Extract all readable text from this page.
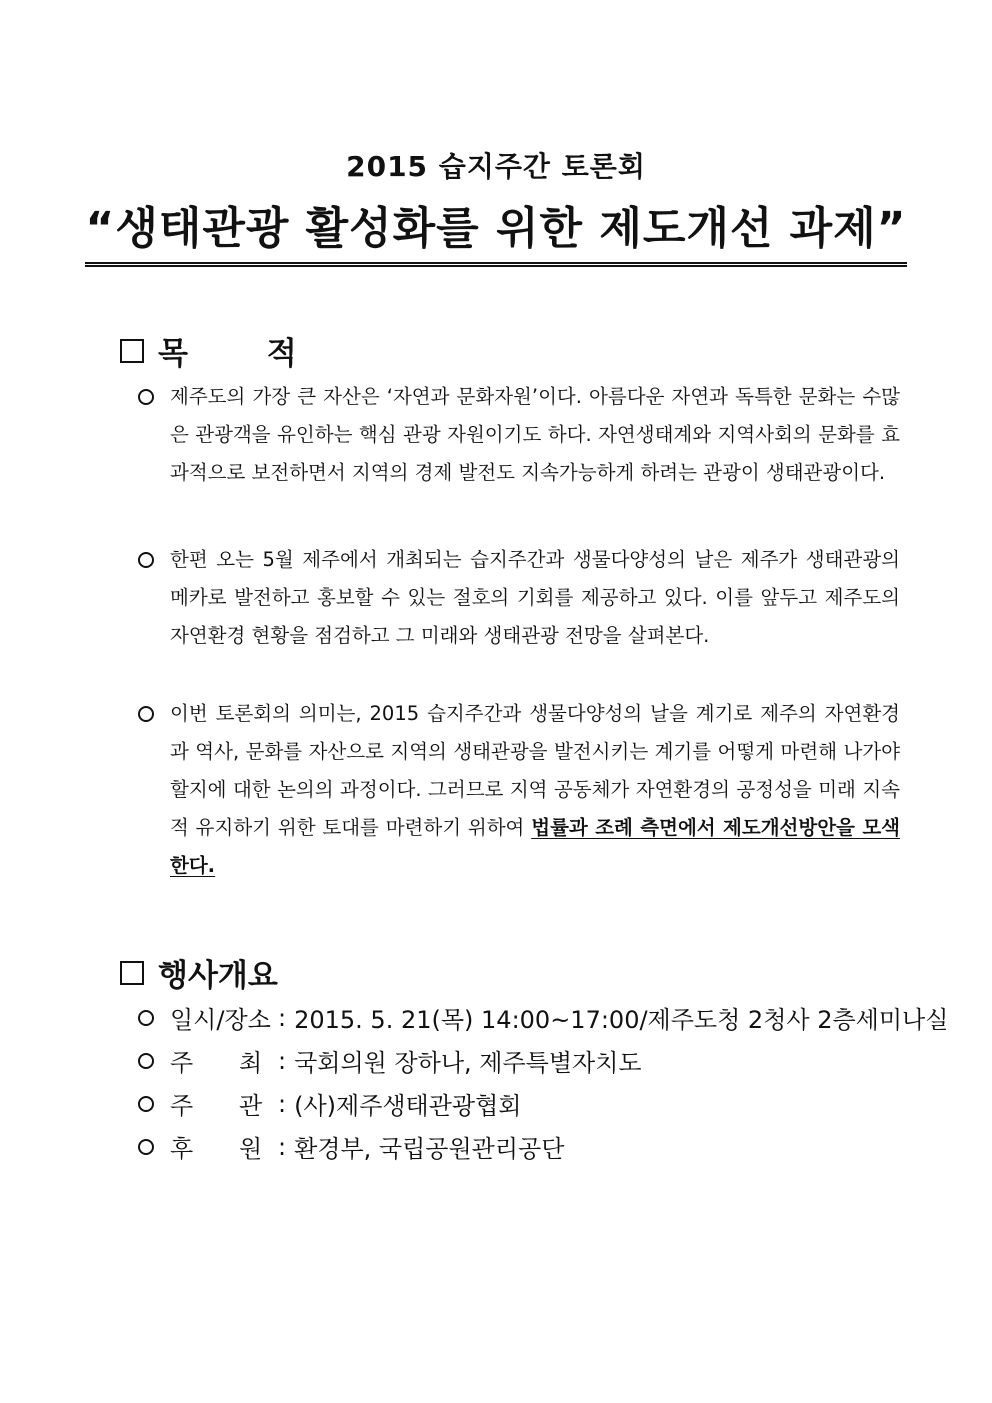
2015 습지주간 토론회
“생태관광 활성화를 위한 제도개선 과제”
목 적
제주도의 가장 큰 자산은 ‘자연과 문화자원’이다. 아름다운 자연과 독특한 문화는 수많은 관광객을 유인하는 핵심 관광 자원이기도 하다. 자연생태계와 지역사회의 문화를 효과적으로 보전하면서 지역의 경제 발전도 지속가능하게 하려는 관광이 생태관광이다.
한편 오는 5월 제주에서 개최되는 습지주간과 생물다양성의 날은 제주가 생태관광의 메카로 발전하고 홍보할 수 있는 절호의 기회를 제공하고 있다. 이를 앞두고 제주도의 자연환경 현황을 점검하고 그 미래와 생태관광 전망을 살펴본다.
이번 토론회의 의미는, 2015 습지주간과 생물다양성의 날을 계기로 제주의 자연환경과 역사, 문화를 자산으로 지역의 생태관광을 발전시키는 계기를 어떻게 마련해 나가야할지에 대한 논의의 과정이다. 그러므로 지역 공동체가 자연환경의 공정성을 미래 지속적 유지하기 위한 토대를 마련하기 위하여 법률과 조례 측면에서 제도개선방안을 모색한다.
행사개요
일시/장소 : 2015. 5. 21(목) 14:00~17:00/제주도청 2청사 2층세미나실
주      최 : 국회의원 장하나, 제주특별자치도
주      관 : (사)제주생태관광협회
후      원 : 환경부, 국립공원관리공단
